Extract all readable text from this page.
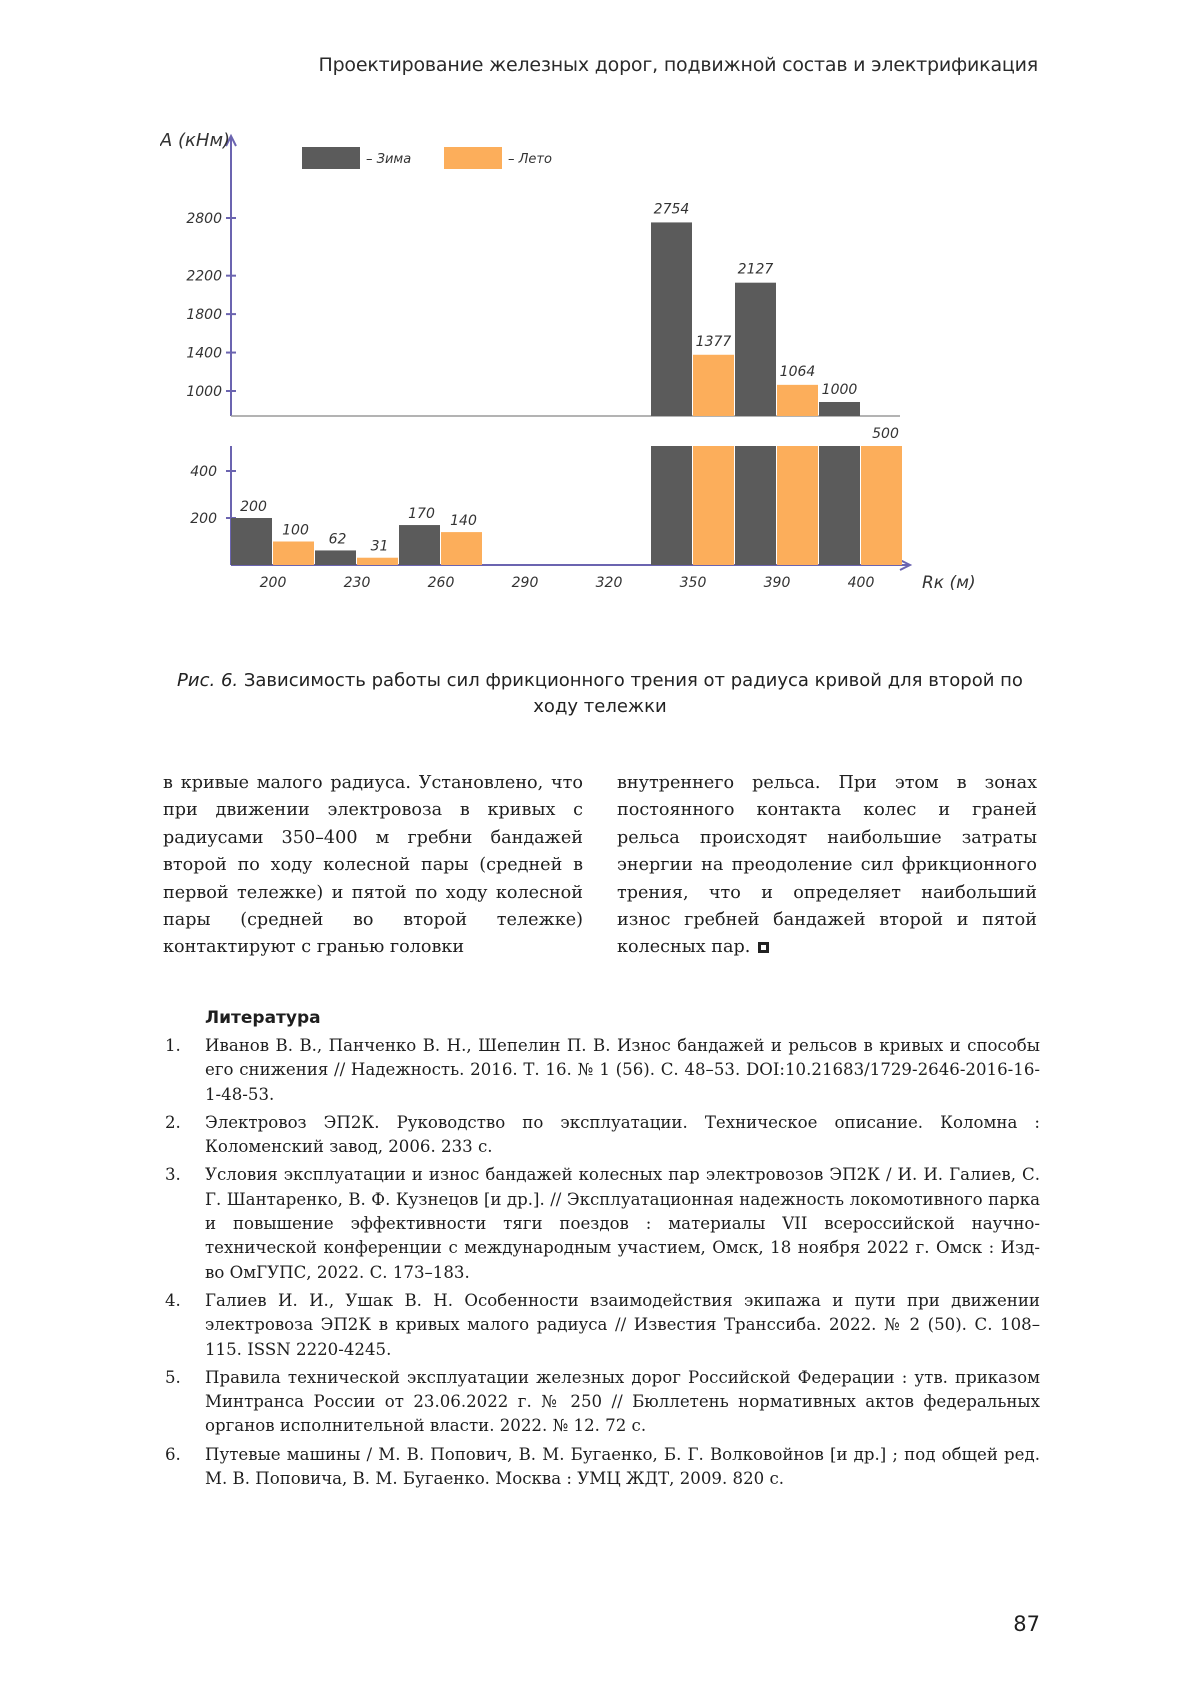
Проектирование железных дорог, подвижной состав и электрификация
2800
2200
1800
1400
1000
400
200
A (кНм)
Rк (м)
200	230	260	290	320	350	390	400
200
62
170
2754
2127
1000
100
31
140
1377
1064
500
– Зима	– Лето
Рис. 6. Зависимость работы сил фрикционного трения от радиуса кривой для второй по ходу тележки
в кривые малого радиуса. Установлено, что при движении электровоза в кривых с радиусами 350–400 м гребни бандажей второй по ходу колесной пары (средней в первой тележке) и пятой по ходу колесной пары (средней во второй тележке) контактируют с гранью головки
внутреннего рельса. При этом в зонах постоянного контакта колес и граней рельса происходят наибольшие затраты энергии на преодоление сил фрикционного трения, что и определяет наибольший износ гребней бандажей второй и пятой колесных пар.
Литература
1. Иванов В. В., Панченко В. Н., Шепелин П. В. Износ бандажей и рельсов в кривых и способы его снижения // Надежность. 2016. Т. 16. № 1 (56). С. 48–53. DOI:10.21683/1729-2646-2016-16-1-48-53.
2. Электровоз ЭП2К. Руководство по эксплуатации. Техническое описание. Коломна : Коломенский завод, 2006. 233 с.
3. Условия эксплуатации и износ бандажей колесных пар электровозов ЭП2К / И. И. Галиев, С. Г. Шантаренко, В. Ф. Кузнецов [и др.]. // Эксплуатационная надежность локомотивного парка и повышение эффективности тяги поездов : материалы VII всероссийской научно-технической конференции с международным участием, Омск, 18 ноября 2022 г. Омск : Изд-во ОмГУПС, 2022. С. 173–183.
4. Галиев И. И., Ушак В. Н. Особенности взаимодействия экипажа и пути при движении электровоза ЭП2К в кривых малого радиуса // Известия Транссиба. 2022. № 2 (50). С. 108–115. ISSN 2220-4245.
5. Правила технической эксплуатации железных дорог Российской Федерации : утв. приказом Минтранса России от 23.06.2022 г. № 250 // Бюллетень нормативных актов федеральных органов исполнительной власти. 2022. № 12. 72 с.
6. Путевые машины / М. В. Попович, В. М. Бугаенко, Б. Г. Волковойнов [и др.] ; под общей ред. М. В. Поповича, В. М. Бугаенко. Москва : УМЦ ЖДТ, 2009. 820 с.
87
